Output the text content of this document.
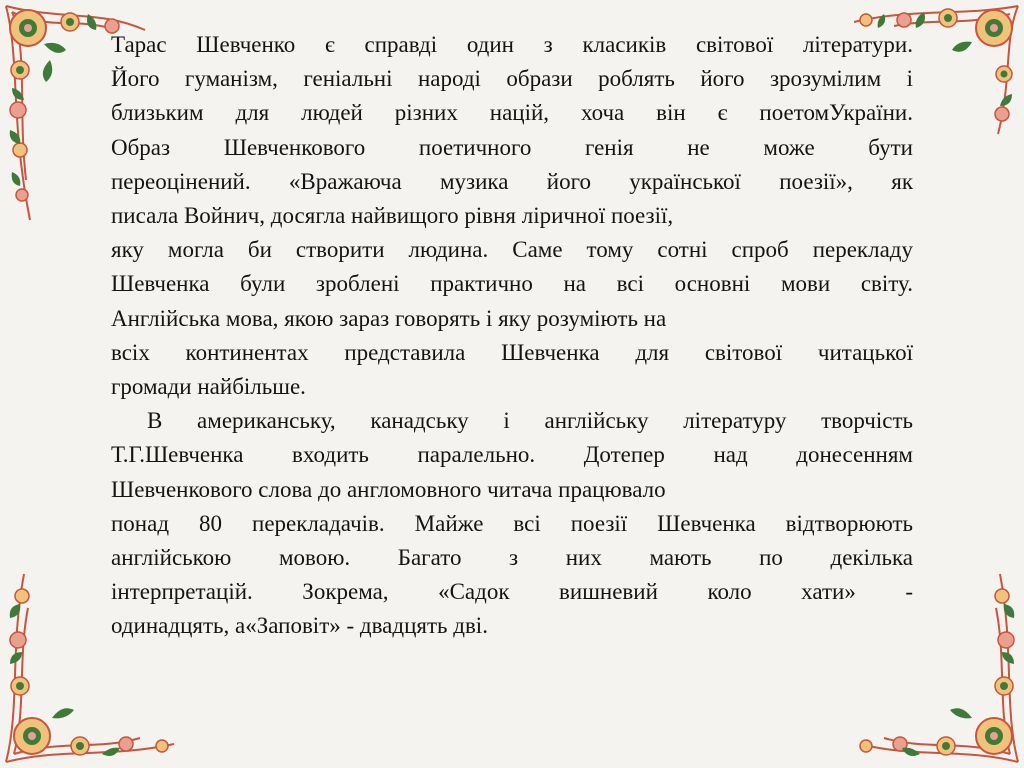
Тарас Шевченко є справді один з класиків світової літератури.
Його гуманізм, геніальні народі образи роблять його зрозумілим і
близьким для людей різних націй, хоча він є поетомУкраїни.
Образ Шевченкового поетичного генія не може бути
переоцінений. «Вражаюча музика його української поезії», як
писала Войнич, досягла найвищого рівня ліричної поезії,
яку могла би створити людина. Саме тому сотні спроб перекладу
Шевченка були зроблені практично на всі основні мови світу.
Англійська мова, якою зараз говорять і яку розуміють на
всіх континентах представила Шевченка для світової читацької
громади найбільше.
В американську, канадську і англійську літературу творчість
Т.Г.Шевченка входить паралельно. Дотепер над донесенням
Шевченкового слова до англомовного читача працювало
понад 80 перекладачів. Майже всі поезії Шевченка відтворюють
англійською мовою. Багато з них мають по декілька
інтерпретацій. Зокрема, «Садок вишневий коло хати» -
одинадцять, а«Заповіт» - двадцять дві.
